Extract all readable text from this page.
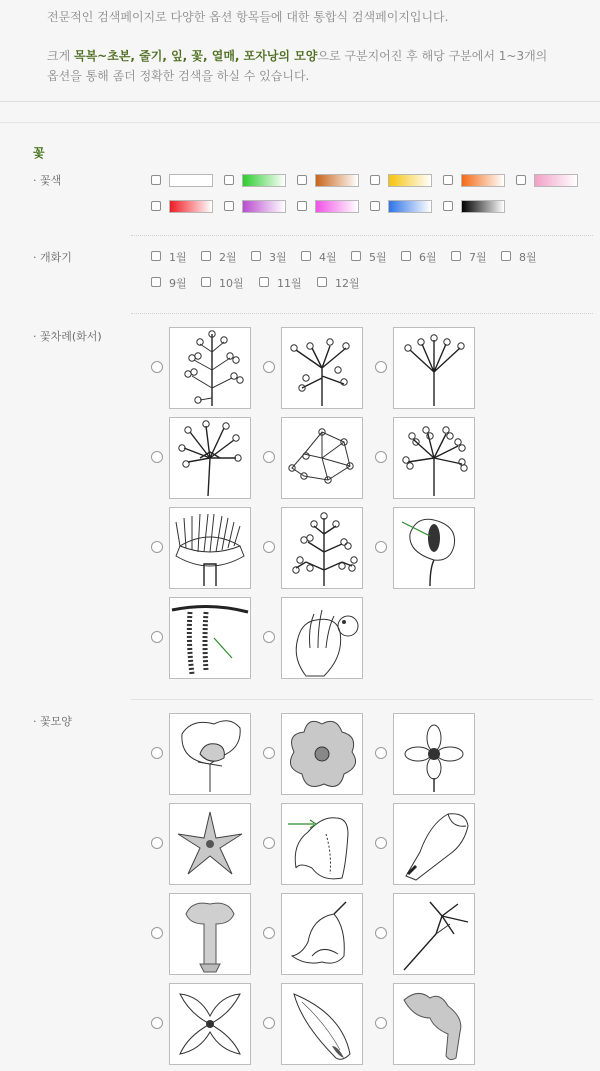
전문적인 검색페이지로 다양한 옵션 항목들에 대한 통합식 검색페이지입니다.

크게 목복~초본, 줄기, 잎, 꽃, 열매, 포자낭의 모양으로 구분지어진 후 해당 구분에서 1~3개의

옵션을 통해 좀더 정확한 검색을 하실 수 있습니다.

꽃
· 꽃색
· 개화기
· 꽃차례(화서)
· 꽃모양
1월	2월	3월	4월	5월	6월	7월	8월
9월	10월	11월	12월
